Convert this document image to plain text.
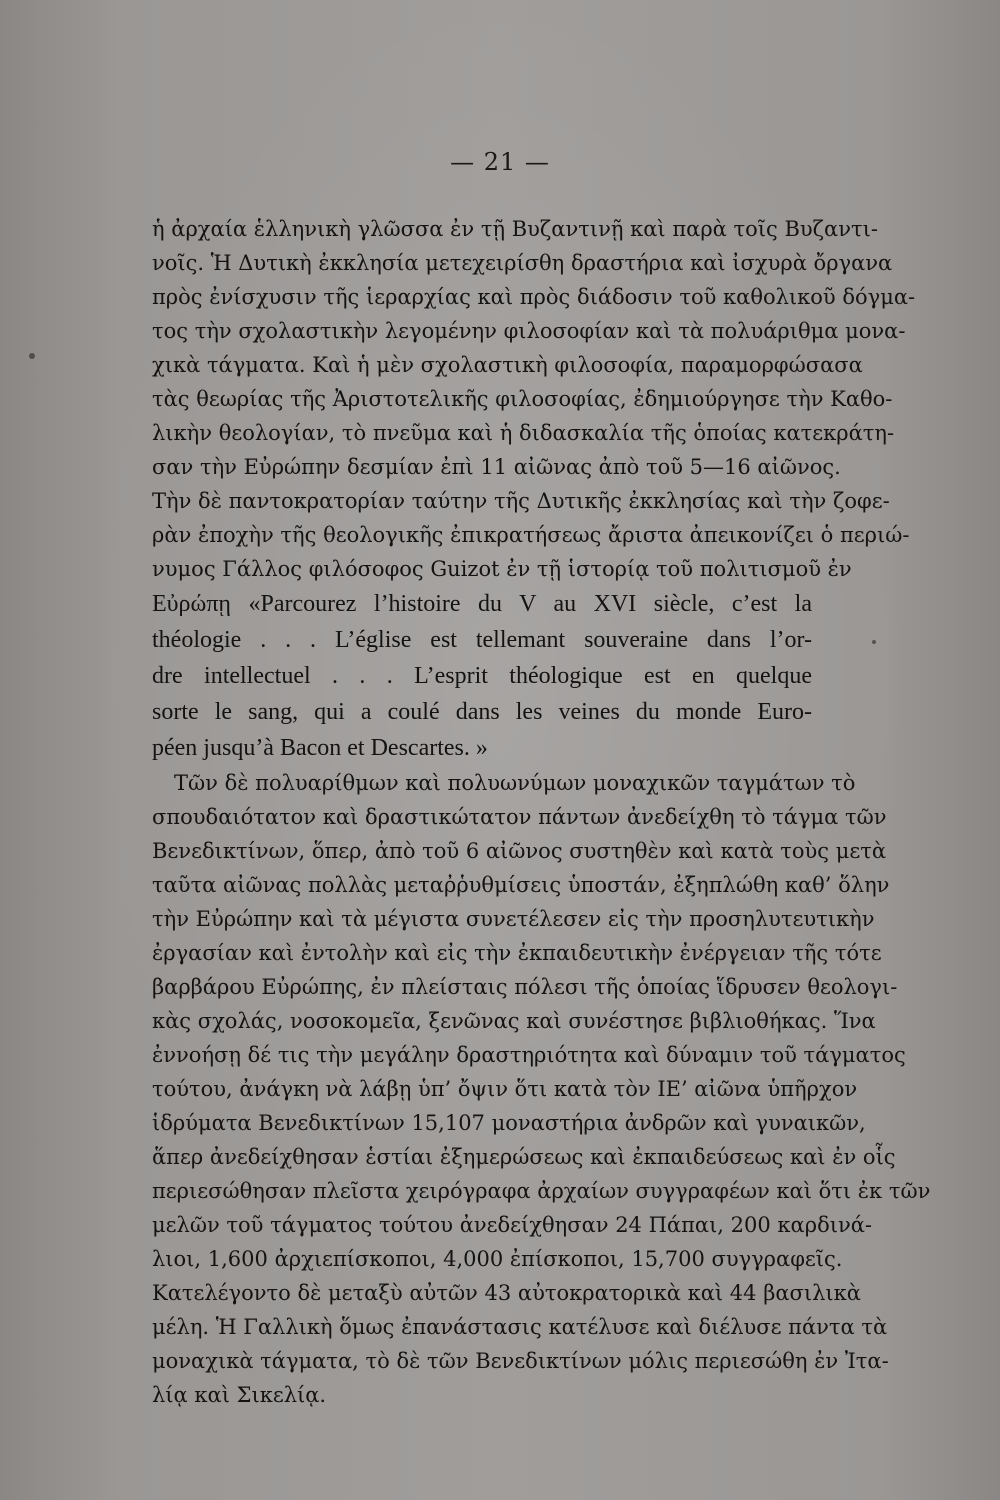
— 21 —
ἡ ἀρχαία ἑλληνικὴ γλῶσσα ἐν τῇ Βυζαντινῇ καὶ παρὰ τοῖς Βυζαντι-
νοῖς. Ἡ Δυτικὴ ἐκκλησία μετεχειρίσθη δραστήρια καὶ ἰσχυρὰ ὄργανα
πρὸς ἐνίσχυσιν τῆς ἱεραρχίας καὶ πρὸς διάδοσιν τοῦ καθολικοῦ δόγμα-
τος τὴν σχολαστικὴν λεγομένην φιλοσοφίαν καὶ τὰ πολυάριθμα μονα-
χικὰ τάγματα. Καὶ ἡ μὲν σχολαστικὴ φιλοσοφία, παραμορφώσασα
τὰς θεωρίας τῆς Ἀριστοτελικῆς φιλοσοφίας, ἐδημιούργησε τὴν Καθο-
λικὴν θεολογίαν, τὸ πνεῦμα καὶ ἡ διδασκαλία τῆς ὁποίας κατεκράτη-
σαν τὴν Εὐρώπην δεσμίαν ἐπὶ 11 αἰῶνας ἀπὸ τοῦ 5—16 αἰῶνος.
Τὴν δὲ παντοκρατορίαν ταύτην τῆς Δυτικῆς ἐκκλησίας καὶ τὴν ζοφε-
ρὰν ἐποχὴν τῆς θεολογικῆς ἐπικρατήσεως ἄριστα ἀπεικονίζει ὁ περιώ-
νυμος Γάλλος φιλόσοφος Guizot ἐν τῇ ἱστορίᾳ τοῦ πολιτισμοῦ ἐν
Εὐρώπῃ «Parcourez l’histoire du V au XVI siècle, c’est la
théologie . . . L’église est tellemant souveraine dans l’or-
dre intellectuel . . . L’esprit théologique est en quelque
sorte le sang, qui a coulé dans les veines du monde Euro-
péen jusqu’à Bacon et Descartes. »
Τῶν δὲ πολυαρίθμων καὶ πολυωνύμων μοναχικῶν ταγμάτων τὸ
σπουδαιότατον καὶ δραστικώτατον πάντων ἀνεδείχθη τὸ τάγμα τῶν
Βενεδικτίνων, ὅπερ, ἀπὸ τοῦ 6 αἰῶνος συστηθὲν καὶ κατὰ τοὺς μετὰ
ταῦτα αἰῶνας πολλὰς μεταῤῥυθμίσεις ὑποστάν, ἐξηπλώθη καθ’ ὅλην
τὴν Εὐρώπην καὶ τὰ μέγιστα συνετέλεσεν εἰς τὴν προσηλυτευτικὴν
ἐργασίαν καὶ ἐντολὴν καὶ εἰς τὴν ἐκπαιδευτικὴν ἐνέργειαν τῆς τότε
βαρβάρου Εὐρώπης, ἐν πλείσταις πόλεσι τῆς ὁποίας ἵδρυσεν θεολογι-
κὰς σχολάς, νοσοκομεῖα, ξενῶνας καὶ συνέστησε βιβλιοθήκας. Ἵνα
ἐννοήσῃ δέ τις τὴν μεγάλην δραστηριότητα καὶ δύναμιν τοῦ τάγματος
τούτου, ἀνάγκη νὰ λάβῃ ὑπ’ ὄψιν ὅτι κατὰ τὸν ΙΕ’ αἰῶνα ὑπῆρχον
ἱδρύματα Βενεδικτίνων 15,107 μοναστήρια ἀνδρῶν καὶ γυναικῶν,
ἅπερ ἀνεδείχθησαν ἑστίαι ἐξημερώσεως καὶ ἐκπαιδεύσεως καὶ ἐν οἷς
περιεσώθησαν πλεῖστα χειρόγραφα ἀρχαίων συγγραφέων καὶ ὅτι ἐκ τῶν
μελῶν τοῦ τάγματος τούτου ἀνεδείχθησαν 24 Πάπαι, 200 καρδινά-
λιοι, 1,600 ἀρχιεπίσκοποι, 4,000 ἐπίσκοποι, 15,700 συγγραφεῖς.
Κατελέγοντο δὲ μεταξὺ αὐτῶν 43 αὐτοκρατορικὰ καὶ 44 βασιλικὰ
μέλη. Ἡ Γαλλικὴ ὅμως ἐπανάστασις κατέλυσε καὶ διέλυσε πάντα τὰ
μοναχικὰ τάγματα, τὸ δὲ τῶν Βενεδικτίνων μόλις περιεσώθη ἐν Ἰτα-
λίᾳ καὶ Σικελίᾳ.
